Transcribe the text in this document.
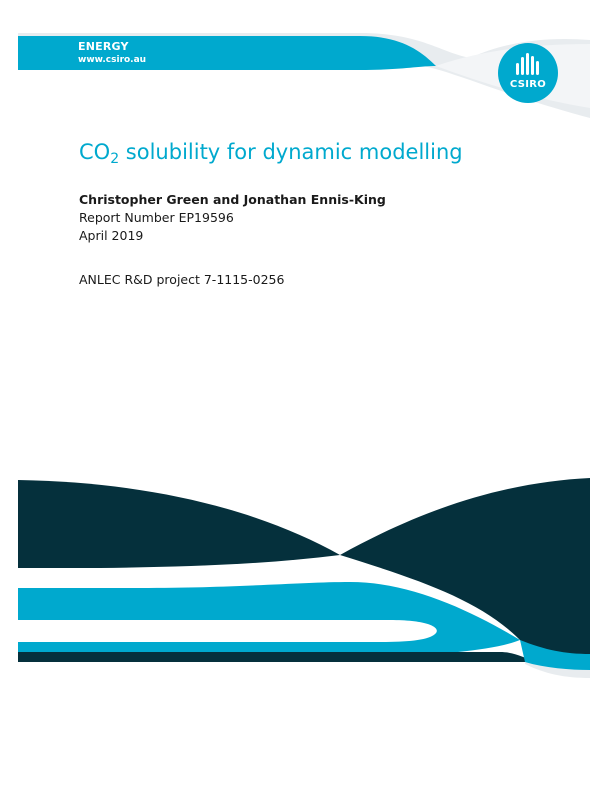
ENERGY
www.csiro.au
CSIRO
CO2 solubility for dynamic modelling
Christopher Green and Jonathan Ennis-King
Report Number EP19596
April 2019
ANLEC R&D project 7-1115-0256
